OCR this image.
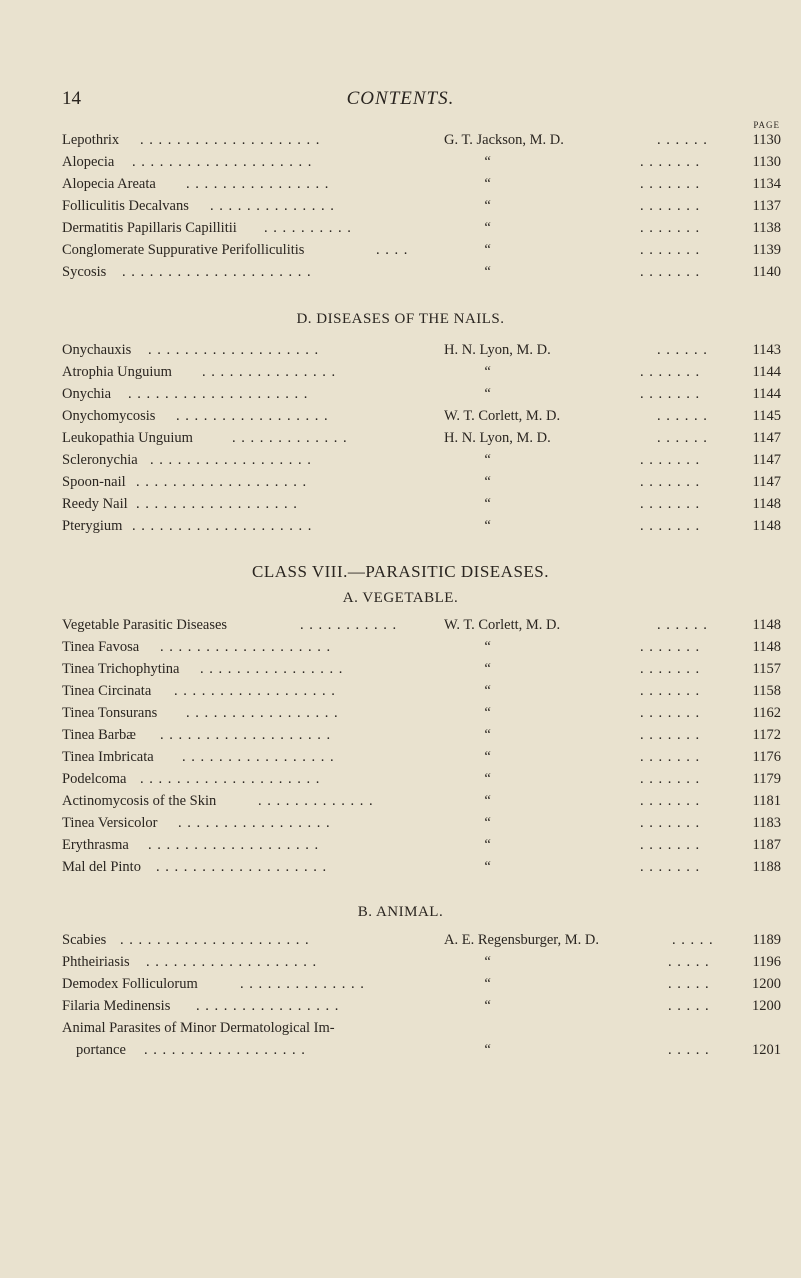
14	CONTENTS.
PAGE
Lepothrix . . . . . . . . . . . . . . . . . . . .	G. T. Jackson, M. D.	. . . . . .	1130
Alopecia . . . . . . . . . . . . . . . . . . . .	“	. . . . . . .	1130
Alopecia Areata . . . . . . . . . . . . . . . .	“	. . . . . . .	1134
Folliculitis Decalvans . . . . . . . . . . . . . .	“	. . . . . . .	1137
Dermatitis Papillaris Capillitii . . . . . . . . . .	“	. . . . . . .	1138
Conglomerate Suppurative Perifolliculitis	. . . .	“	. . . . . . .	1139
Sycosis . . . . . . . . . . . . . . . . . . . . .	“	. . . . . . .	1140
D. DISEASES OF THE NAILS.
Onychauxis . . . . . . . . . . . . . . . . . . .	H. N. Lyon, M. D.	. . . . . .	1143
Atrophia Unguium . . . . . . . . . . . . . . .	“	. . . . . . .	1144
Onychia . . . . . . . . . . . . . . . . . . . .	“	. . . . . . .	1144
Onychomycosis . . . . . . . . . . . . . . . . .	W. T. Corlett, M. D.	. . . . . .	1145
Leukopathia Unguium	. . . . . . . . . . . . .	H. N. Lyon, M. D.	. . . . . .	1147
Scleronychia . . . . . . . . . . . . . . . . . .	“	. . . . . . .	1147
Spoon-nail . . . . . . . . . . . . . . . . . . .	“	. . . . . . .	1147
Reedy Nail . . . . . . . . . . . . . . . . . .	“	. . . . . . .	1148
Pterygium . . . . . . . . . . . . . . . . . . . .	“	. . . . . . .	1148
CLASS VIII.—PARASITIC DISEASES.
A. VEGETABLE.
Vegetable Parasitic Diseases	. . . . . . . . . . .	W. T. Corlett, M. D.	. . . . . .	1148
Tinea Favosa . . . . . . . . . . . . . . . . . . .	“	. . . . . . .	1148
Tinea Trichophytina . . . . . . . . . . . . . . . .	“	. . . . . . .	1157
Tinea Circinata . . . . . . . . . . . . . . . . . .	“	. . . . . . .	1158
Tinea Tonsurans . . . . . . . . . . . . . . . . .	“	. . . . . . .	1162
Tinea Barbæ . . . . . . . . . . . . . . . . . . .	“	. . . . . . .	1172
Tinea Imbricata . . . . . . . . . . . . . . . . .	“	. . . . . . .	1176
Podelcoma . . . . . . . . . . . . . . . . . . . .	“	. . . . . . .	1179
Actinomycosis of the Skin	. . . . . . . . . . . . .	“	. . . . . . .	1181
Tinea Versicolor . . . . . . . . . . . . . . . . .	“	. . . . . . .	1183
Erythrasma . . . . . . . . . . . . . . . . . . .	“	. . . . . . .	1187
Mal del Pinto . . . . . . . . . . . . . . . . . . .	“	. . . . . . .	1188
B. ANIMAL.
Scabies . . . . . . . . . . . . . . . . . . . . .	A. E. Regensburger, M. D.	. . . . .	1189
Phtheiriasis . . . . . . . . . . . . . . . . . . .	“	. . . . .	1196
Demodex Folliculorum	. . . . . . . . . . . . . .	“	. . . . .	1200
Filaria Medinensis . . . . . . . . . . . . . . . .	“	. . . . .	1200
Animal Parasites of Minor Dermatological Im-
portance . . . . . . . . . . . . . . . . . .	“	. . . . .	1201
